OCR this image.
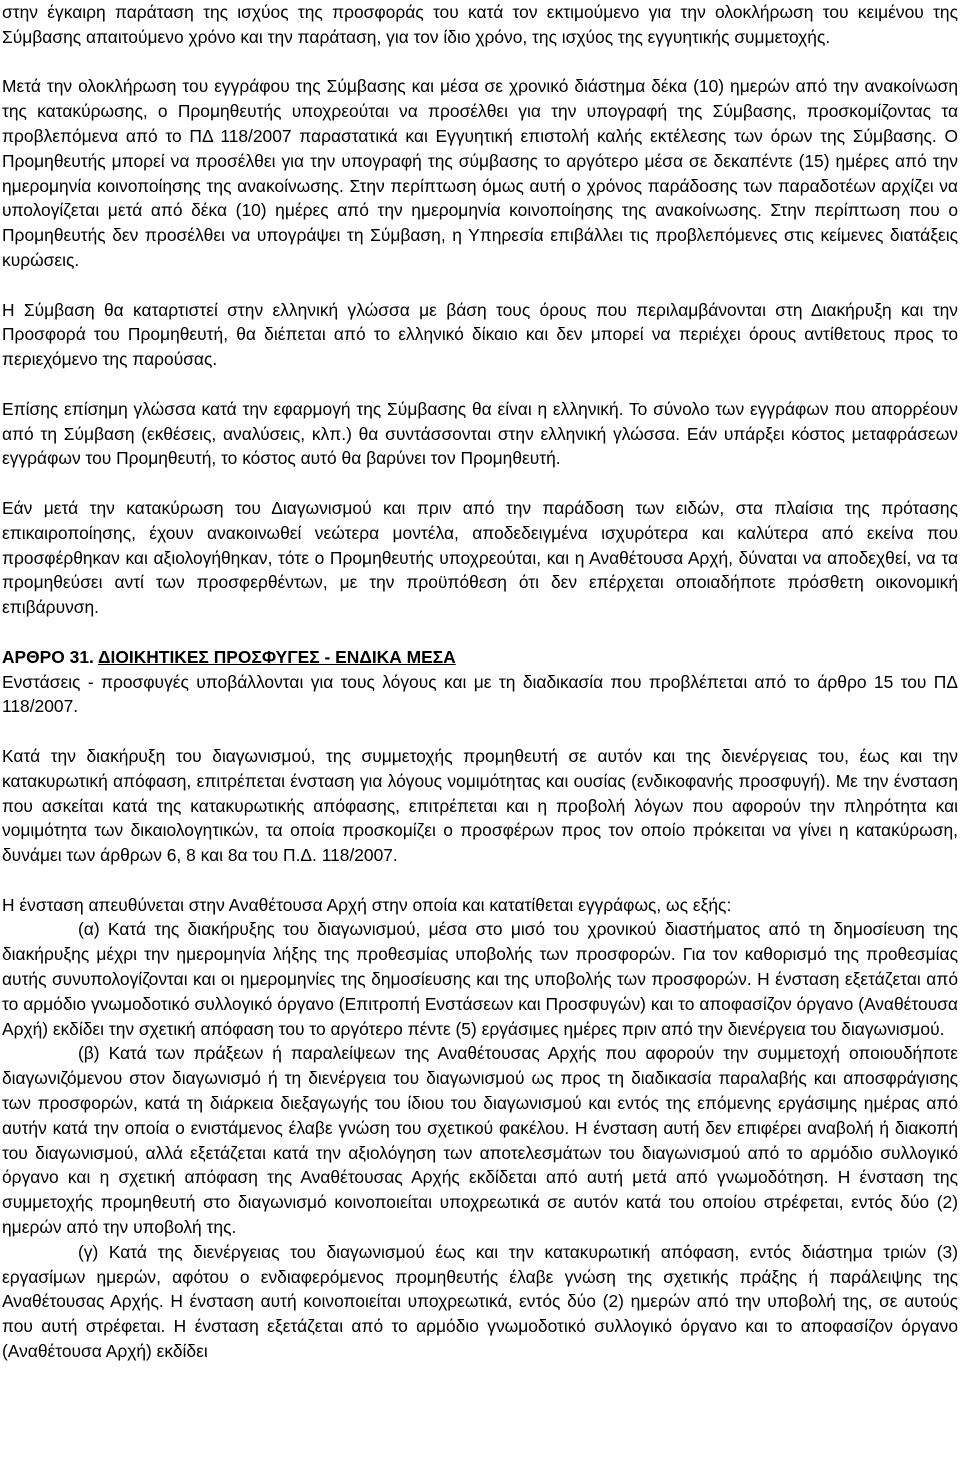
στην έγκαιρη παράταση της ισχύος της προσφοράς του κατά τον εκτιμούμενο για την ολοκλήρωση του κειμένου της Σύμβασης απαιτούμενο χρόνο και την παράταση, για τον ίδιο χρόνο, της ισχύος της εγγυητικής συμμετοχής.

Μετά την ολοκλήρωση του εγγράφου της Σύμβασης και μέσα σε χρονικό διάστημα δέκα (10) ημερών από την ανακοίνωση της κατακύρωσης, ο Προμηθευτής υποχρεούται να προσέλθει για την υπογραφή της Σύμβασης, προσκομίζοντας τα προβλεπόμενα από το ΠΔ 118/2007 παραστατικά και Εγγυητική επιστολή καλής εκτέλεσης των όρων της Σύμβασης. Ο Προμηθευτής μπορεί να προσέλθει για την υπογραφή της σύμβασης το αργότερο μέσα σε δεκαπέντε (15) ημέρες από την ημερομηνία κοινοποίησης της ανακοίνωσης. Στην περίπτωση όμως αυτή ο χρόνος παράδοσης των παραδοτέων αρχίζει να υπολογίζεται μετά από δέκα (10) ημέρες από την ημερομηνία κοινοποίησης της ανακοίνωσης. Στην περίπτωση που ο Προμηθευτής δεν προσέλθει να υπογράψει τη Σύμβαση, η Υπηρεσία επιβάλλει τις προβλεπόμενες στις κείμενες διατάξεις κυρώσεις.

Η Σύμβαση θα καταρτιστεί στην ελληνική γλώσσα με βάση τους όρους που περιλαμβάνονται στη Διακήρυξη και την Προσφορά του Προμηθευτή, θα διέπεται από το ελληνικό δίκαιο και δεν μπορεί να περιέχει όρους αντίθετους προς το περιεχόμενο της παρούσας.

Επίσης επίσημη γλώσσα κατά την εφαρμογή της Σύμβασης θα είναι η ελληνική. Το σύνολο των εγγράφων που απορρέουν από τη Σύμβαση (εκθέσεις, αναλύσεις, κλπ.) θα συντάσσονται στην ελληνική γλώσσα. Εάν υπάρξει κόστος μεταφράσεων εγγράφων του Προμηθευτή, το κόστος αυτό θα βαρύνει τον Προμηθευτή.

Εάν μετά την κατακύρωση του Διαγωνισμού και πριν από την παράδοση των ειδών, στα πλαίσια της πρότασης επικαιροποίησης, έχουν ανακοινωθεί νεώτερα μοντέλα, αποδεδειγμένα ισχυρότερα και καλύτερα από εκείνα που προσφέρθηκαν και αξιολογήθηκαν, τότε ο Προμηθευτής υποχρεούται, και η Αναθέτουσα Αρχή, δύναται να αποδεχθεί, να τα προμηθεύσει αντί των προσφερθέντων, με την προϋπόθεση ότι δεν επέρχεται οποιαδήποτε πρόσθετη οικονομική επιβάρυνση.

ΑΡΘΡΟ 31. ΔΙΟΙΚΗΤΙΚΕΣ ΠΡΟΣΦΥΓΕΣ - ΕΝΔΙΚΑ ΜΕΣΑ

Ενστάσεις - προσφυγές υποβάλλονται για τους λόγους και με τη διαδικασία που προβλέπεται από το άρθρο 15 του ΠΔ 118/2007.

Κατά την διακήρυξη του διαγωνισμού, της συμμετοχής προμηθευτή σε αυτόν και της διενέργειας του, έως και την κατακυρωτική απόφαση, επιτρέπεται ένσταση για λόγους νομιμότητας και ουσίας (ενδικοφανής προσφυγή). Με την ένσταση που ασκείται κατά της κατακυρωτικής απόφασης, επιτρέπεται και η προβολή λόγων που αφορούν την πληρότητα και νομιμότητα των δικαιολογητικών, τα οποία προσκομίζει ο προσφέρων προς τον οποίο πρόκειται να γίνει η κατακύρωση, δυνάμει των άρθρων 6, 8 και 8α του Π.Δ. 118/2007.

Η ένσταση απευθύνεται στην Αναθέτουσα Αρχή στην οποία και κατατίθεται εγγράφως, ως εξής:

(α) Κατά της διακήρυξης του διαγωνισμού, μέσα στο μισό του χρονικού διαστήματος από τη δημοσίευση της διακήρυξης μέχρι την ημερομηνία λήξης της προθεσμίας υποβολής των προσφορών. Για τον καθορισμό της προθεσμίας αυτής συνυπολογίζονται και οι ημερομηνίες της δημοσίευσης και της υποβολής των προσφορών. Η ένσταση εξετάζεται από το αρμόδιο γνωμοδοτικό συλλογικό όργανο (Επιτροπή Ενστάσεων και Προσφυγών) και το αποφασίζον όργανο (Αναθέτουσα Αρχή) εκδίδει την σχετική απόφαση του το αργότερο πέντε (5) εργάσιμες ημέρες πριν από την διενέργεια του διαγωνισμού.

(β) Κατά των πράξεων ή παραλείψεων της Αναθέτουσας Αρχής που αφορούν την συμμετοχή οποιουδήποτε διαγωνιζόμενου στον διαγωνισμό ή τη διενέργεια του διαγωνισμού ως προς τη διαδικασία παραλαβής και αποσφράγισης των προσφορών, κατά τη διάρκεια διεξαγωγής του ίδιου του διαγωνισμού και εντός της επόμενης εργάσιμης ημέρας από αυτήν κατά την οποία ο ενιστάμενος έλαβε γνώση του σχετικού φακέλου. Η ένσταση αυτή δεν επιφέρει αναβολή ή διακοπή του διαγωνισμού, αλλά εξετάζεται κατά την αξιολόγηση των αποτελεσμάτων του διαγωνισμού από το αρμόδιο συλλογικό όργανο και η σχετική απόφαση της Αναθέτουσας Αρχής εκδίδεται από αυτή μετά από γνωμοδότηση. Η ένσταση της συμμετοχής προμηθευτή στο διαγωνισμό κοινοποιείται υποχρεωτικά σε αυτόν κατά του οποίου στρέφεται, εντός δύο (2) ημερών από την υποβολή της.

(γ) Κατά της διενέργειας του διαγωνισμού έως και την κατακυρωτική απόφαση, εντός διάστημα τριών (3) εργασίμων ημερών, αφότου ο ενδιαφερόμενος προμηθευτής έλαβε γνώση της σχετικής πράξης ή παράλειψης της Αναθέτουσας Αρχής. Η ένσταση αυτή κοινοποιείται υποχρεωτικά, εντός δύο (2) ημερών από την υποβολή της, σε αυτούς που αυτή στρέφεται. Η ένσταση εξετάζεται από το αρμόδιο γνωμοδοτικό συλλογικό όργανο και το αποφασίζον όργανο (Αναθέτουσα Αρχή) εκδίδει
